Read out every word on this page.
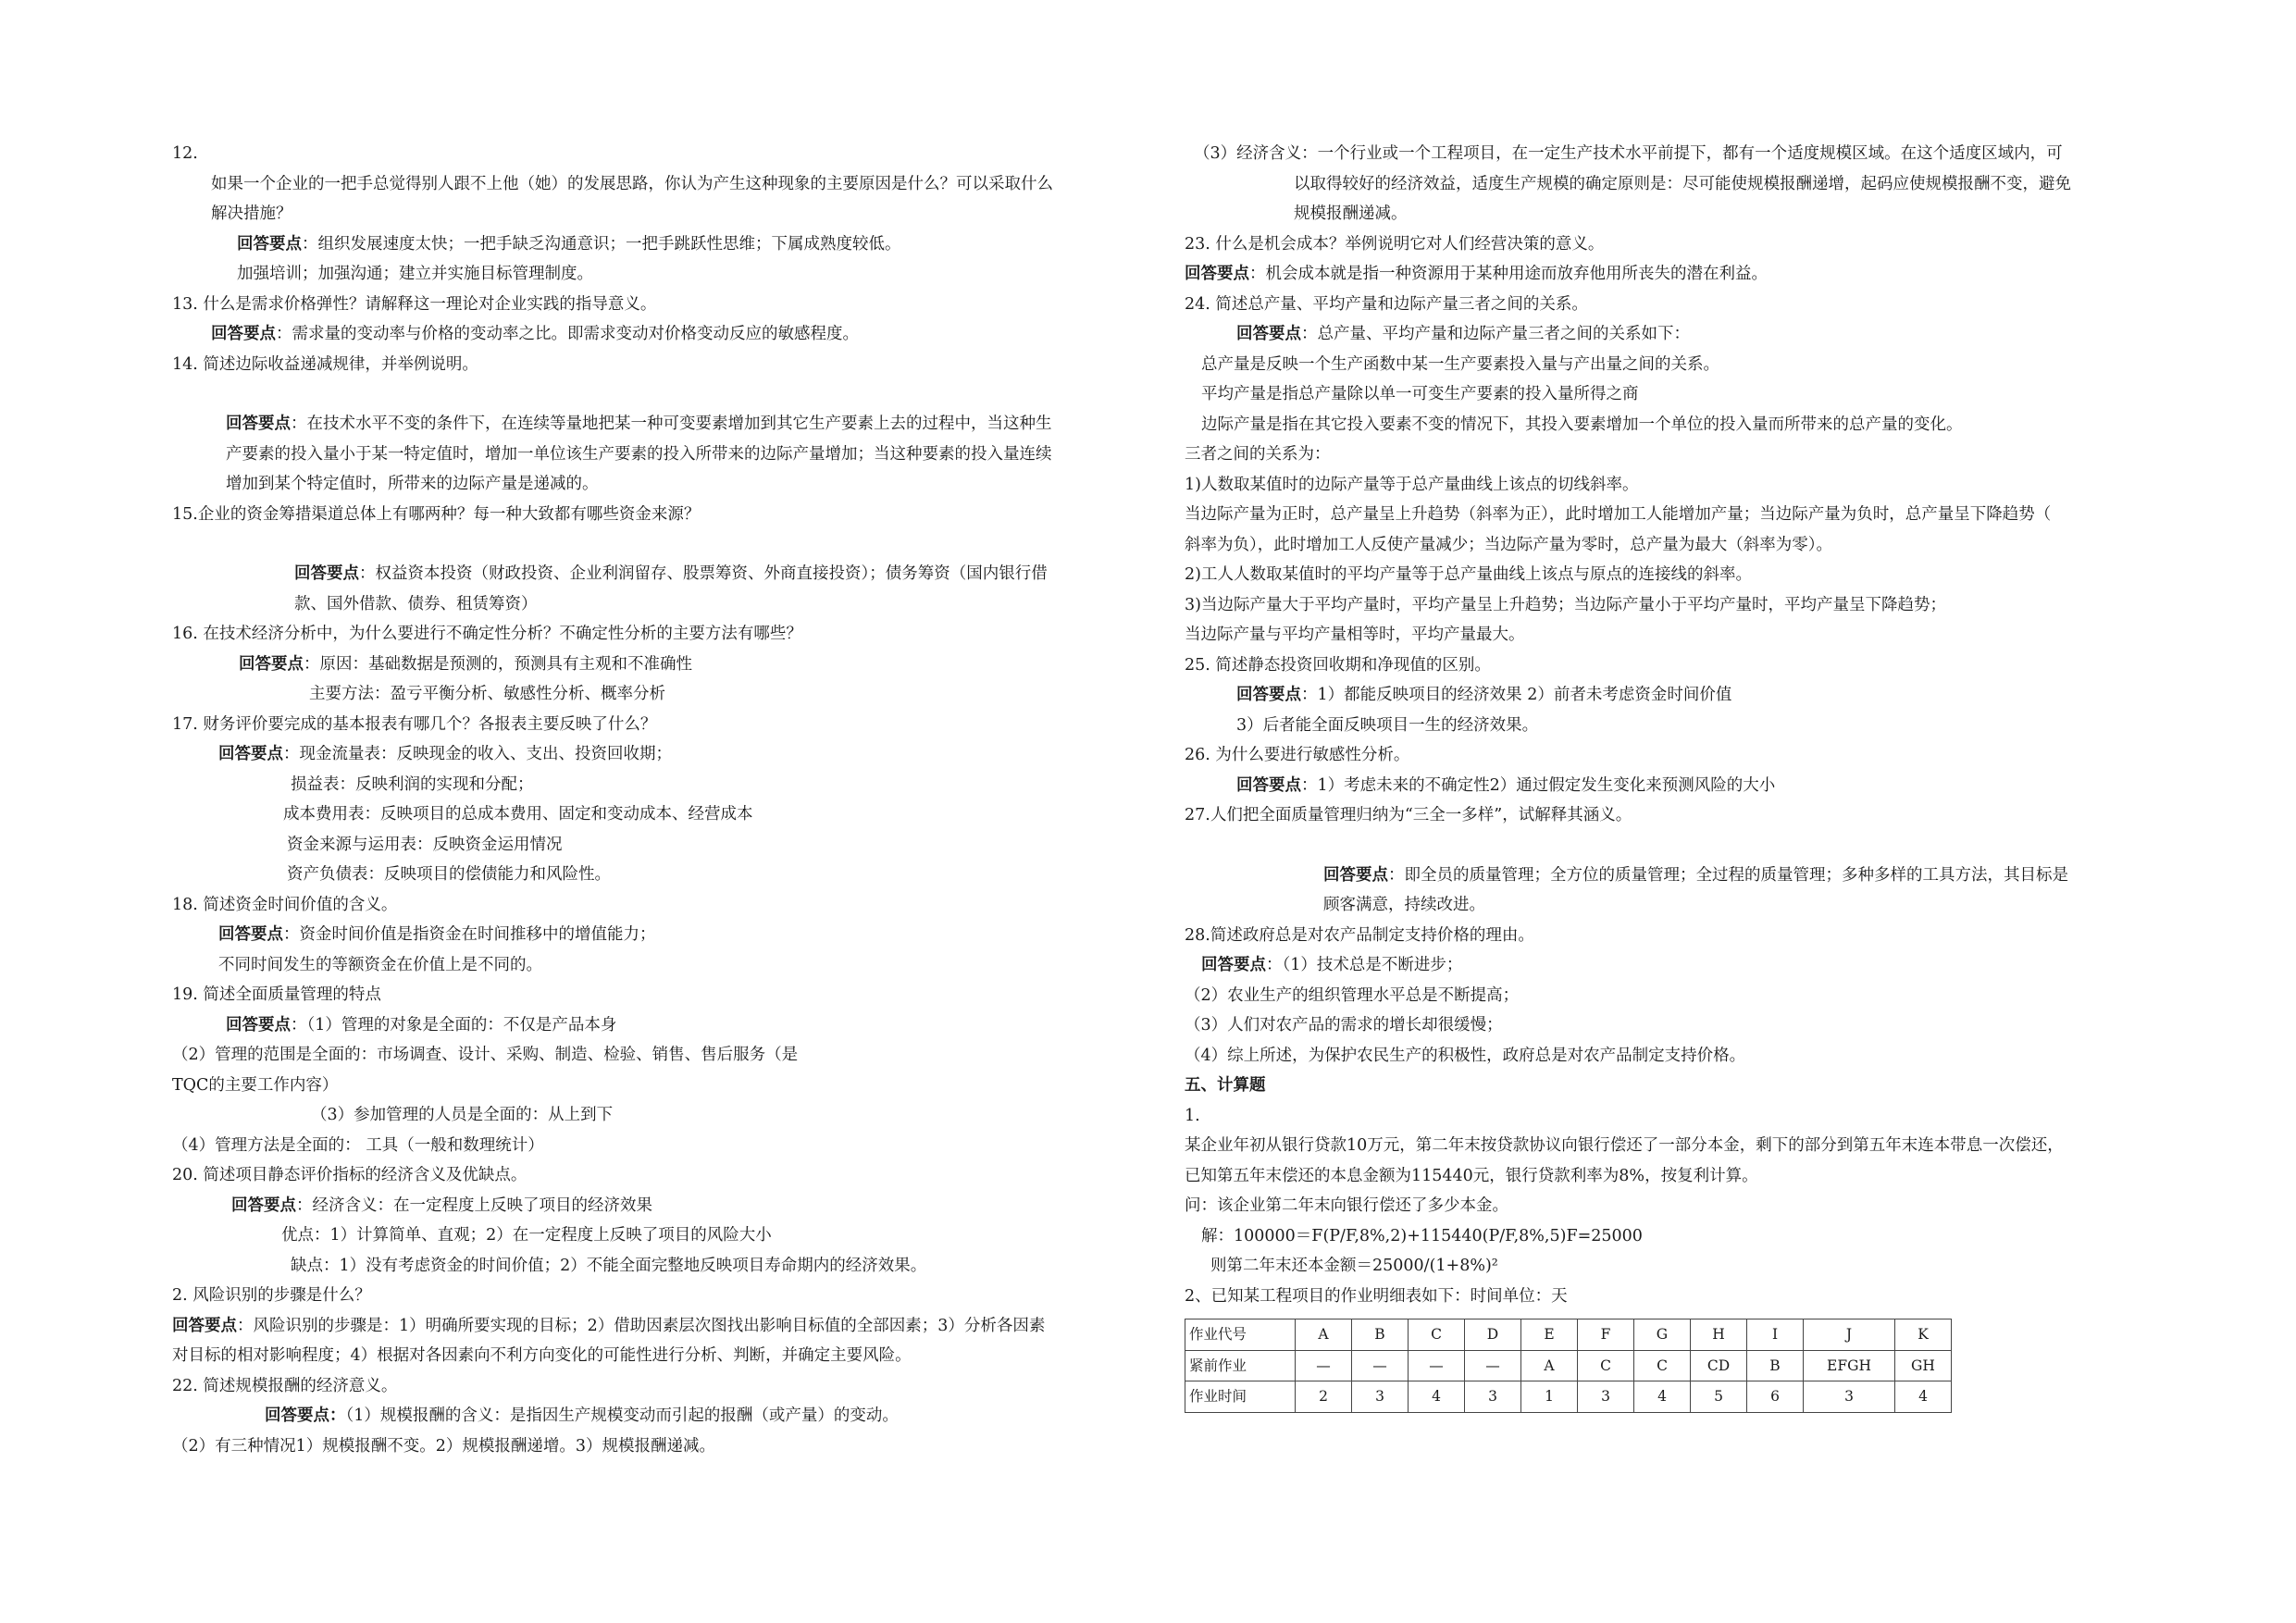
12.
如果一个企业的一把手总觉得别人跟不上他（她）的发展思路，你认为产生这种现象的主要原因是什么？可以采取什么
解决措施？
回答要点：组织发展速度太快；一把手缺乏沟通意识；一把手跳跃性思维；下属成熟度较低。
加强培训；加强沟通；建立并实施目标管理制度。
13. 什么是需求价格弹性？请解释这一理论对企业实践的指导意义。
回答要点：需求量的变动率与价格的变动率之比。即需求变动对价格变动反应的敏感程度。
14. 简述边际收益递减规律，并举例说明。
回答要点：在技术水平不变的条件下，在连续等量地把某一种可变要素增加到其它生产要素上去的过程中，当这种生
产要素的投入量小于某一特定值时，增加一单位该生产要素的投入所带来的边际产量增加；当这种要素的投入量连续
增加到某个特定值时，所带来的边际产量是递减的。
15.企业的资金筹措渠道总体上有哪两种？每一种大致都有哪些资金来源？
回答要点：权益资本投资（财政投资、企业利润留存、股票筹资、外商直接投资）；债务筹资（国内银行借
款、国外借款、债券、租赁筹资）
16. 在技术经济分析中，为什么要进行不确定性分析？不确定性分析的主要方法有哪些？
回答要点：原因：基础数据是预测的，预测具有主观和不准确性
主要方法：盈亏平衡分析、敏感性分析、概率分析
17. 财务评价要完成的基本报表有哪几个？各报表主要反映了什么？
回答要点：现金流量表：反映现金的收入、支出、投资回收期；
损益表：反映利润的实现和分配；
成本费用表：反映项目的总成本费用、固定和变动成本、经营成本
资金来源与运用表：反映资金运用情况
资产负债表：反映项目的偿债能力和风险性。
18. 简述资金时间价值的含义。
回答要点：资金时间价值是指资金在时间推移中的增值能力；
不同时间发生的等额资金在价值上是不同的。
19. 简述全面质量管理的特点
回答要点：（1）管理的对象是全面的：不仅是产品本身
（2）管理的范围是全面的：市场调查、设计、采购、制造、检验、销售、售后服务（是
TQC的主要工作内容）
（3）参加管理的人员是全面的：从上到下
（4）管理方法是全面的： 工具（一般和数理统计）
20. 简述项目静态评价指标的经济含义及优缺点。
回答要点：经济含义：在一定程度上反映了项目的经济效果
优点：1）计算简单、直观；2）在一定程度上反映了项目的风险大小
缺点：1）没有考虑资金的时间价值；2）不能全面完整地反映项目寿命期内的经济效果。
2. 风险识别的步骤是什么？
回答要点：风险识别的步骤是：1）明确所要实现的目标；2）借助因素层次图找出影响目标值的全部因素；3）分析各因素
对目标的相对影响程度；4）根据对各因素向不利方向变化的可能性进行分析、判断，并确定主要风险。
22. 简述规模报酬的经济意义。
回答要点：（1）规模报酬的含义：是指因生产规模变动而引起的报酬（或产量）的变动。
（2）有三种情况1）规模报酬不变。2）规模报酬递增。3）规模报酬递减。
（3）经济含义：一个行业或一个工程项目，在一定生产技术水平前提下，都有一个适度规模区域。在这个适度区域内，可
以取得较好的经济效益，适度生产规模的确定原则是：尽可能使规模报酬递增，起码应使规模报酬不变，避免
规模报酬递减。
23. 什么是机会成本？举例说明它对人们经营决策的意义。
回答要点：机会成本就是指一种资源用于某种用途而放弃他用所丧失的潜在利益。
24. 简述总产量、平均产量和边际产量三者之间的关系。
回答要点：总产量、平均产量和边际产量三者之间的关系如下：
总产量是反映一个生产函数中某一生产要素投入量与产出量之间的关系。
平均产量是指总产量除以单一可变生产要素的投入量所得之商
边际产量是指在其它投入要素不变的情况下，其投入要素增加一个单位的投入量而所带来的总产量的变化。
三者之间的关系为：
1)人数取某值时的边际产量等于总产量曲线上该点的切线斜率。
当边际产量为正时，总产量呈上升趋势（斜率为正），此时增加工人能增加产量；当边际产量为负时，总产量呈下降趋势（
斜率为负），此时增加工人反使产量减少；当边际产量为零时，总产量为最大（斜率为零）。
2)工人人数取某值时的平均产量等于总产量曲线上该点与原点的连接线的斜率。
3)当边际产量大于平均产量时，平均产量呈上升趋势；当边际产量小于平均产量时，平均产量呈下降趋势；
当边际产量与平均产量相等时，平均产量最大。
25. 简述静态投资回收期和净现值的区别。
回答要点：1）都能反映项目的经济效果 2）前者未考虑资金时间价值
3）后者能全面反映项目一生的经济效果。
26. 为什么要进行敏感性分析。
回答要点：1）考虑未来的不确定性2）通过假定发生变化来预测风险的大小
27.人们把全面质量管理归纳为“三全一多样”，试解释其涵义。
回答要点：即全员的质量管理；全方位的质量管理；全过程的质量管理；多种多样的工具方法，其目标是
顾客满意，持续改进。
28.简述政府总是对农产品制定支持价格的理由。
回答要点：（1）技术总是不断进步；
（2）农业生产的组织管理水平总是不断提高；
（3）人们对农产品的需求的增长却很缓慢；
（4）综上所述，为保护农民生产的积极性，政府总是对农产品制定支持价格。
五、计算题
1.
某企业年初从银行贷款10万元，第二年末按贷款协议向银行偿还了一部分本金，剩下的部分到第五年末连本带息一次偿还，
已知第五年末偿还的本息金额为115440元，银行贷款利率为8%，按复利计算。
问：该企业第二年末向银行偿还了多少本金。
解：100000＝F(P/F,8%,2)+115440(P/F,8%,5)F=25000
则第二年末还本金额＝25000/(1+8%)²
2、已知某工程项目的作业明细表如下：时间单位：天
作业代号	A	B	C	D	E	F	G	H	I	J	K
紧前作业	—	—	—	—	A	C	C	CD	B	EFGH	GH
作业时间	2	3	4	3	1	3	4	5	6	3	4
